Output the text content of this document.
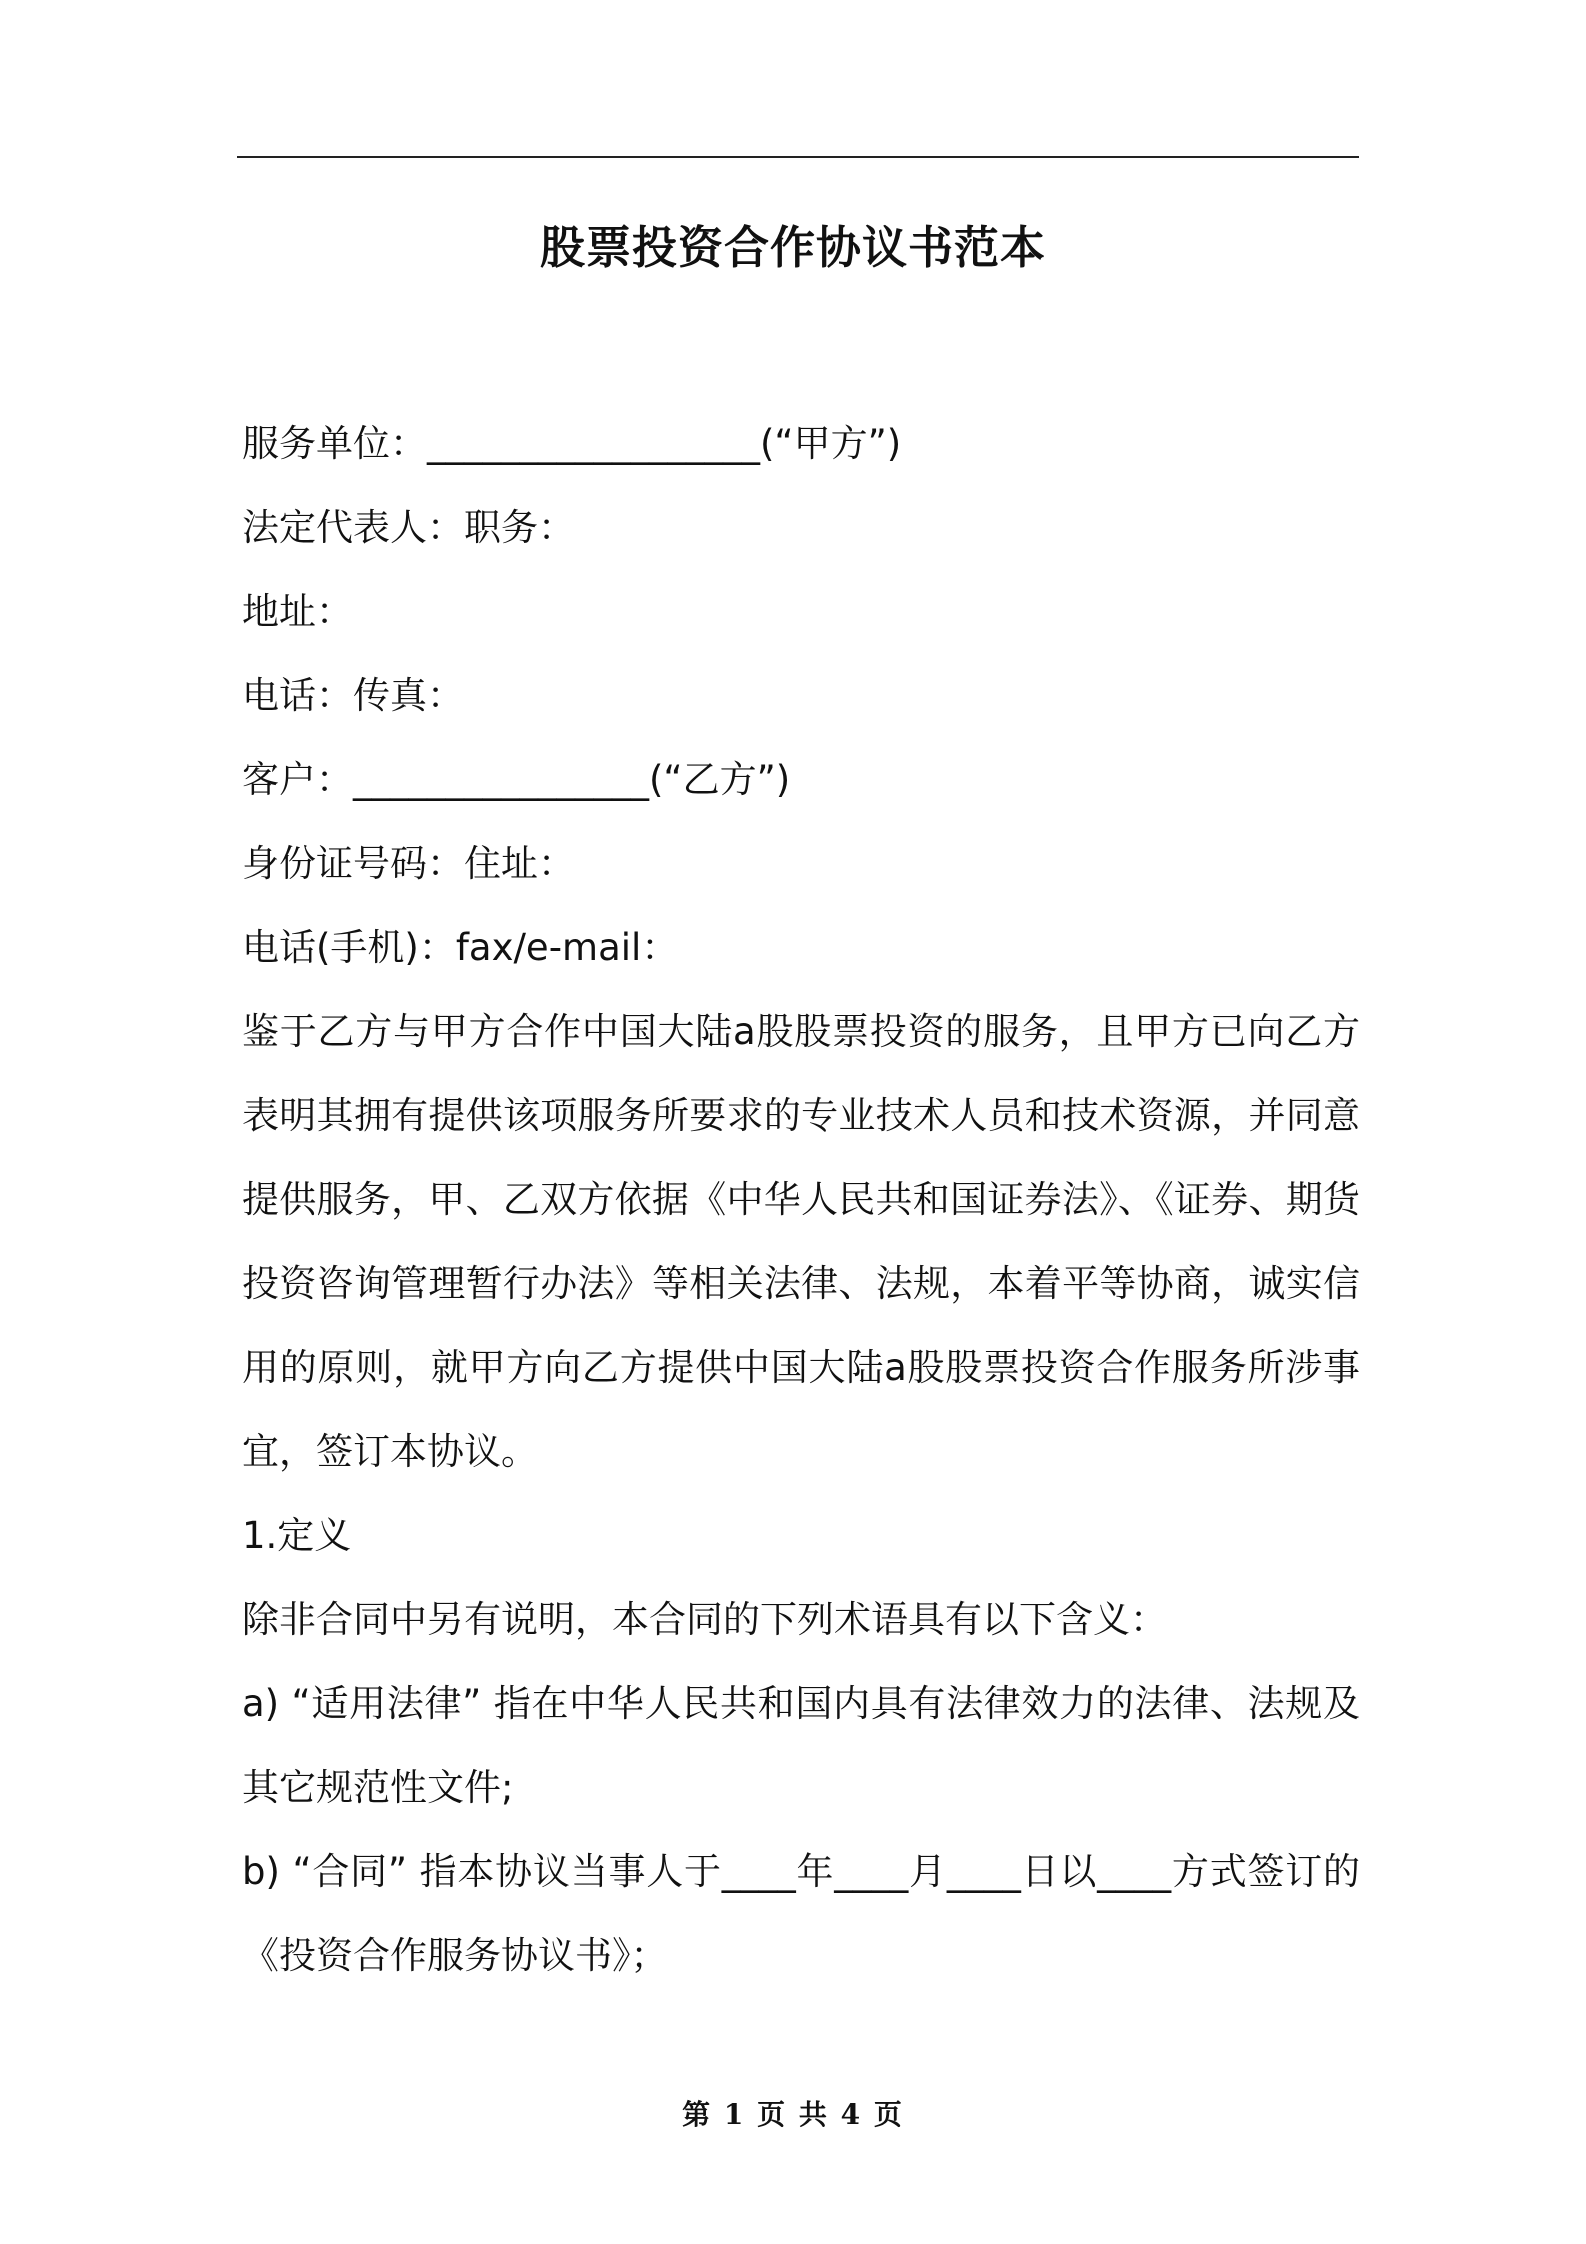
股票投资合作协议书范本

服务单位：__________________(“甲方”)

法定代表人：职务：

地址：

电话：传真：

客户：________________(“乙方”)

身份证号码：住址：

电话(手机)：fax/e-mail：

鉴于乙方与甲方合作中国大陆a股股票投资的服务，且甲方已向乙方表明其拥有提供该项服务所要求的专业技术人员和技术资源，并同意提供服务，甲、乙双方依据《中华人民共和国证券法》、《证券、期货投资咨询管理暂行办法》等相关法律、法规，本着平等协商，诚实信用的原则，就甲方向乙方提供中国大陆a股股票投资合作服务所涉事宜，签订本协议。

1.定义

除非合同中另有说明，本合同的下列术语具有以下含义：

a) “适用法律” 指在中华人民共和国内具有法律效力的法律、法规及其它规范性文件;

b) “合同” 指本协议当事人于____年____月____日以____方式签订的《投资合作服务协议书》；

第 1 页 共 4 页
